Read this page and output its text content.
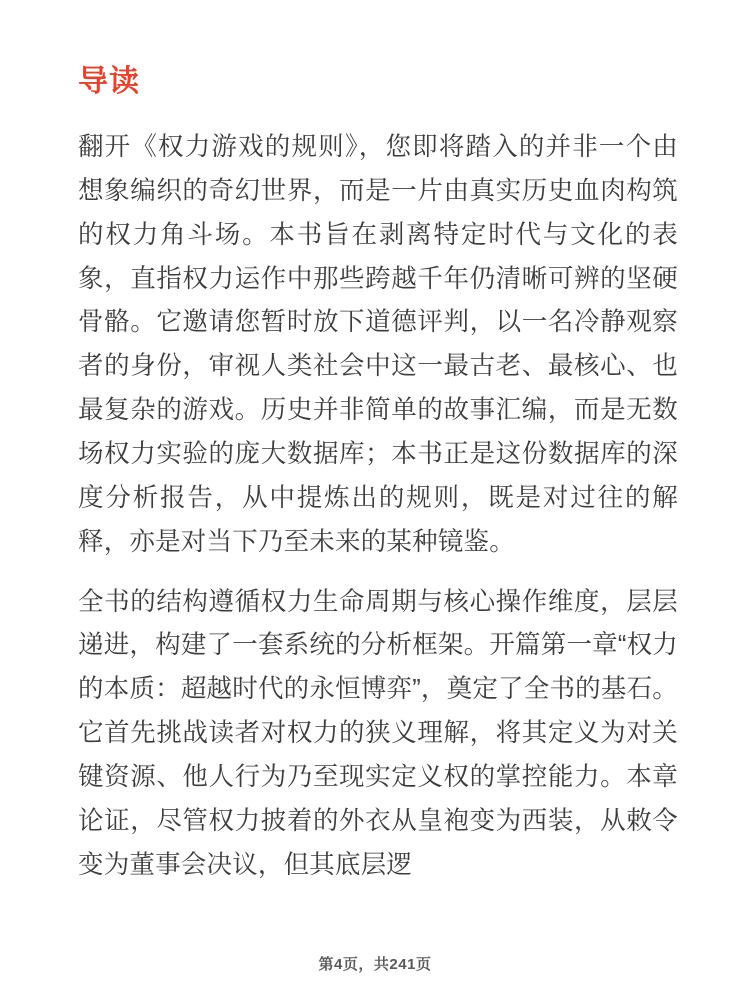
导读

翻开《权力游戏的规则》，您即将踏入的并非一个由想象编织的奇幻世界，而是一片由真实历史血肉构筑的权力角斗场。本书旨在剥离特定时代与文化的表象，直指权力运作中那些跨越千年仍清晰可辨的坚硬骨骼。它邀请您暂时放下道德评判，以一名冷静观察者的身份，审视人类社会中这一最古老、最核心、也最复杂的游戏。历史并非简单的故事汇编，而是无数场权力实验的庞大数据库；本书正是这份数据库的深度分析报告，从中提炼出的规则，既是对过往的解释，亦是对当下乃至未来的某种镜鉴。

全书的结构遵循权力生命周期与核心操作维度，层层递进，构建了一套系统的分析框架。开篇第一章“权力的本质：超越时代的永恒博弈”，奠定了全书的基石。它首先挑战读者对权力的狭义理解，将其定义为对关键资源、他人行为乃至现实定义权的掌控能力。本章论证，尽管权力披着的外衣从皇袍变为西装，从敕令变为董事会决议，但其底层逻

第4页，共241页
